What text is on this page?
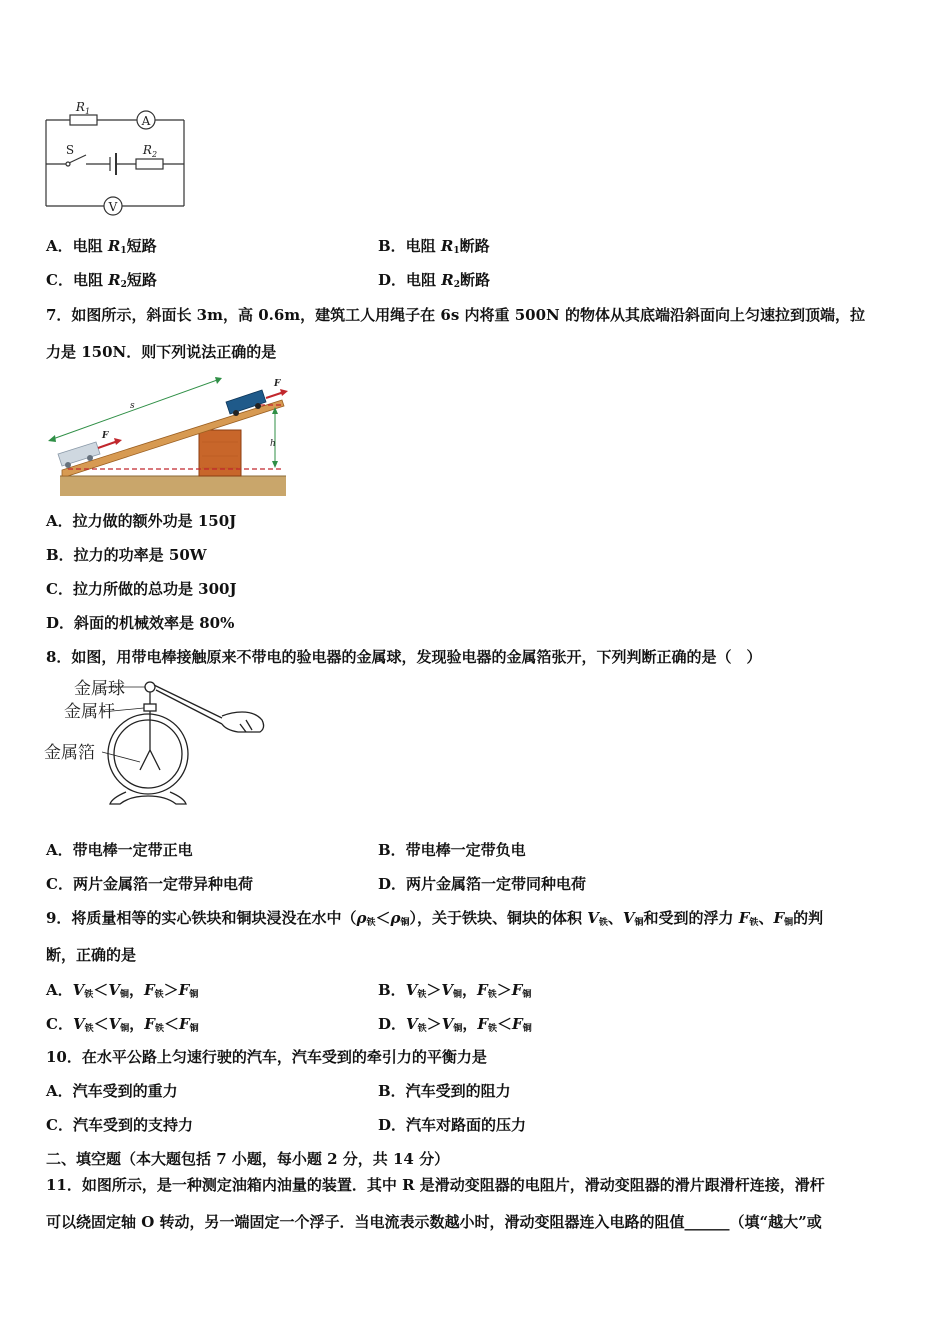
$R_1$
A
S	$R_2$
V
A．电阻 $R_1$短路	B．电阻 $R_1$断路
C．电阻 $R_2$短路	D．电阻 $R_2$断路
7．如图所示，斜面长 3m，高 0.6m，建筑工人用绳子在 6s 内将重 500N 的物体从其底端沿斜面向上匀速拉到顶端，拉
力是 150N．则下列说法正确的是
h
s
F
F
A．拉力做的额外功是 150J
B．拉力的功率是 50W
C．拉力所做的总功是 300J
D．斜面的机械效率是 80%
8．如图，用带电棒接触原来不带电的验电器的金属球，发现验电器的金属箔张开，下列判断正确的是（　）
金属球
金属杆
金属箔
A．带电棒一定带正电	B．带电棒一定带负电
C．两片金属箔一定带异种电荷	D．两片金属箔一定带同种电荷
9．将质量相等的实心铁块和铜块浸没在水中$(\rho_铁<\rho_铜)$，关于铁块、铜块的体积 $V_铁$、$V_铜$和受到的浮力 $F_铁$、$F_铜$的判
断，正确的是
A．$V_铁<V_铜$，$F_铁>F_铜$	B．$V_铁>V_铜$，$F_铁>F_铜$
C．$V_铁<V_铜$，$F_铁<F_铜$	D．$V_铁>V_铜$，$F_铁<F_铜$
10．在水平公路上匀速行驶的汽车，汽车受到的牵引力的平衡力是
A．汽车受到的重力	B．汽车受到的阻力
C．汽车受到的支持力	D．汽车对路面的压力
二、填空题（本大题包括 7 小题，每小题 2 分，共 14 分）
11．如图所示，是一种测定油箱内油量的装置．其中 R 是滑动变阻器的电阻片，滑动变阻器的滑片跟滑杆连接，滑杆
可以绕固定轴 O 转动，另一端固定一个浮子．当电流表示数越小时，滑动变阻器连入电路的阻值______（填“越大”或
